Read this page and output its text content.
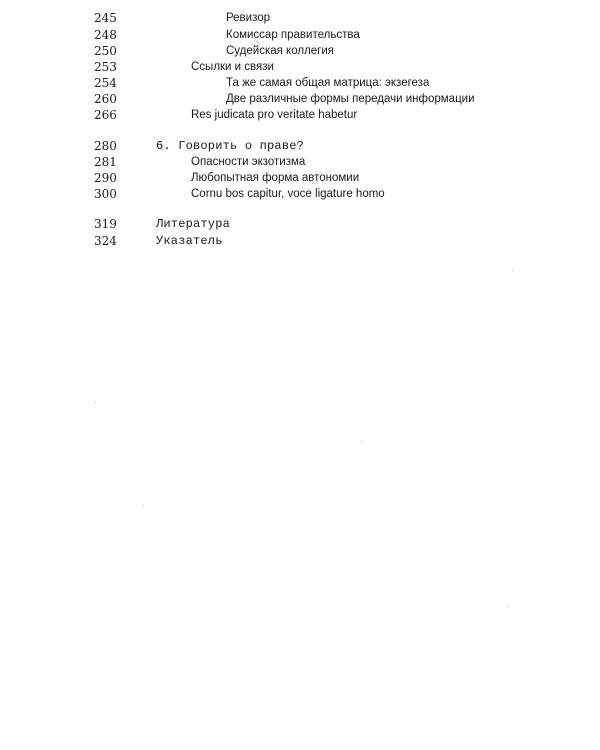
245	Ревизор
248	Комиссар правительства
250	Судейская коллегия
253	Ссылки и связи
254	Та же самая общая матрица: экзегеза
260	Две различные формы передачи информации
266	Res judicata pro veritate habetur
280	6. Говорить о праве?
281	Опасности экзотизма
290	Любопытная форма автономии
300	Cornu bos capitur, voce ligature homo
319	Литература
324	Указатель
